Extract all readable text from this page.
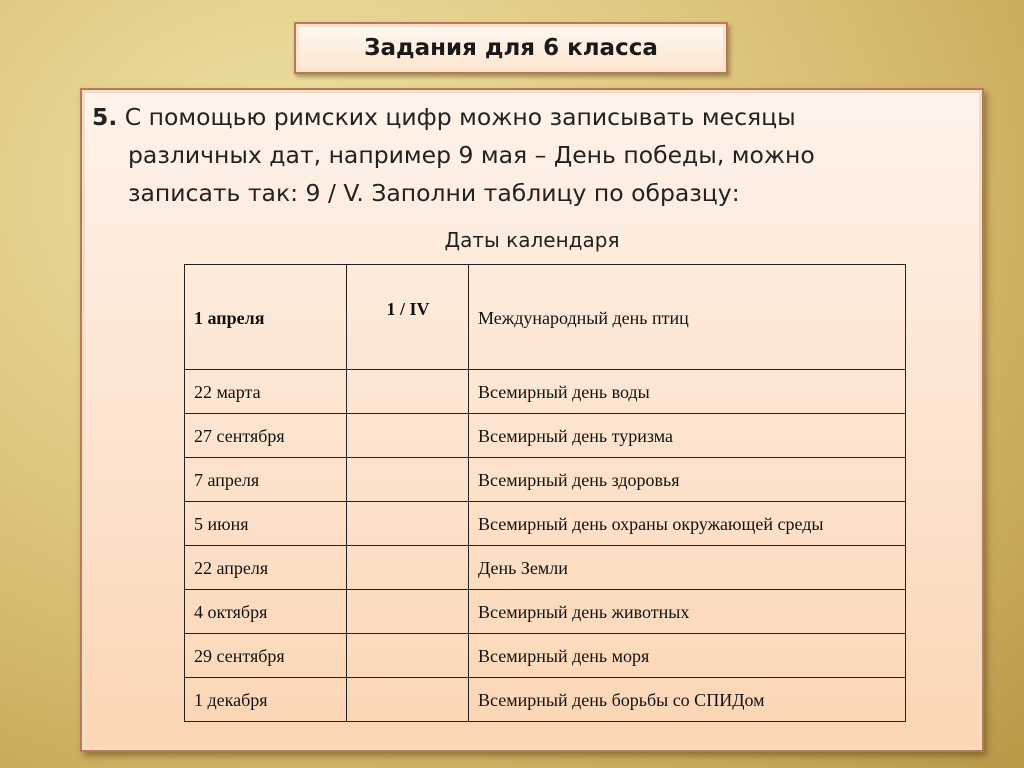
Задания для 6 класса
5. С помощью римских цифр можно записывать месяцы
различных дат, например 9 мая – День победы, можно
записать так: 9 / V. Заполни таблицу по образцу:
Даты календаря
1 апреля	1 / IV	Международный день птиц
22 марта		Всемирный день воды
27 сентября		Всемирный день туризма
7 апреля		Всемирный день здоровья
5 июня		Всемирный день охраны окружающей среды
22 апреля		День Земли
4 октября		Всемирный день животных
29 сентября		Всемирный день моря
1 декабря		Всемирный день борьбы со СПИДом
